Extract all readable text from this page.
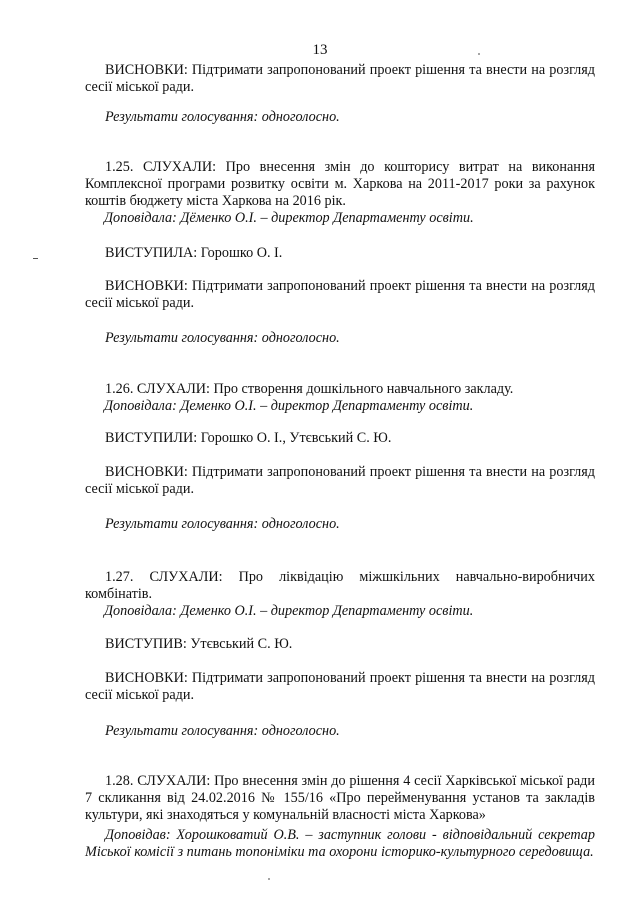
13
ВИСНОВКИ: Підтримати запропонований проект рішення та внести на розгляд сесії міської ради.
Результати голосування: одноголосно.
1.25. СЛУХАЛИ: Про внесення змін до кошторису витрат на виконання Комплексної програми розвитку освіти м. Харкова на 2011-2017 роки за рахунок коштів бюджету міста Харкова на 2016 рік.
Доповідала: Дёменко О.І. – директор Департаменту освіти.
ВИСТУПИЛА: Горошко О. І.
ВИСНОВКИ: Підтримати запропонований проект рішення та внести на розгляд сесії міської ради.
Результати голосування: одноголосно.
1.26. СЛУХАЛИ: Про створення дошкільного навчального закладу.
Доповідала: Деменко О.І. – директор Департаменту освіти.
ВИСТУПИЛИ: Горошко О. І., Утєвський С. Ю.
ВИСНОВКИ: Підтримати запропонований проект рішення та внести на розгляд сесії міської ради.
Результати голосування: одноголосно.
1.27. СЛУХАЛИ: Про ліквідацію міжшкільних навчально-виробничих комбінатів.
Доповідала: Деменко О.І. – директор Департаменту освіти.
ВИСТУПИВ: Утєвський С. Ю.
ВИСНОВКИ: Підтримати запропонований проект рішення та внести на розгляд сесії міської ради.
Результати голосування: одноголосно.
1.28. СЛУХАЛИ: Про внесення змін до рішення 4 сесії Харківської міської ради 7 скликання від 24.02.2016 № 155/16 «Про перейменування установ та закладів культури, які знаходяться у комунальній власності міста Харкова»
Доповідав: Хорошковатий О.В. – заступник голови - відповідальний секретар Міської комісії з питань топоніміки та охорони історико-культурного середовища.
